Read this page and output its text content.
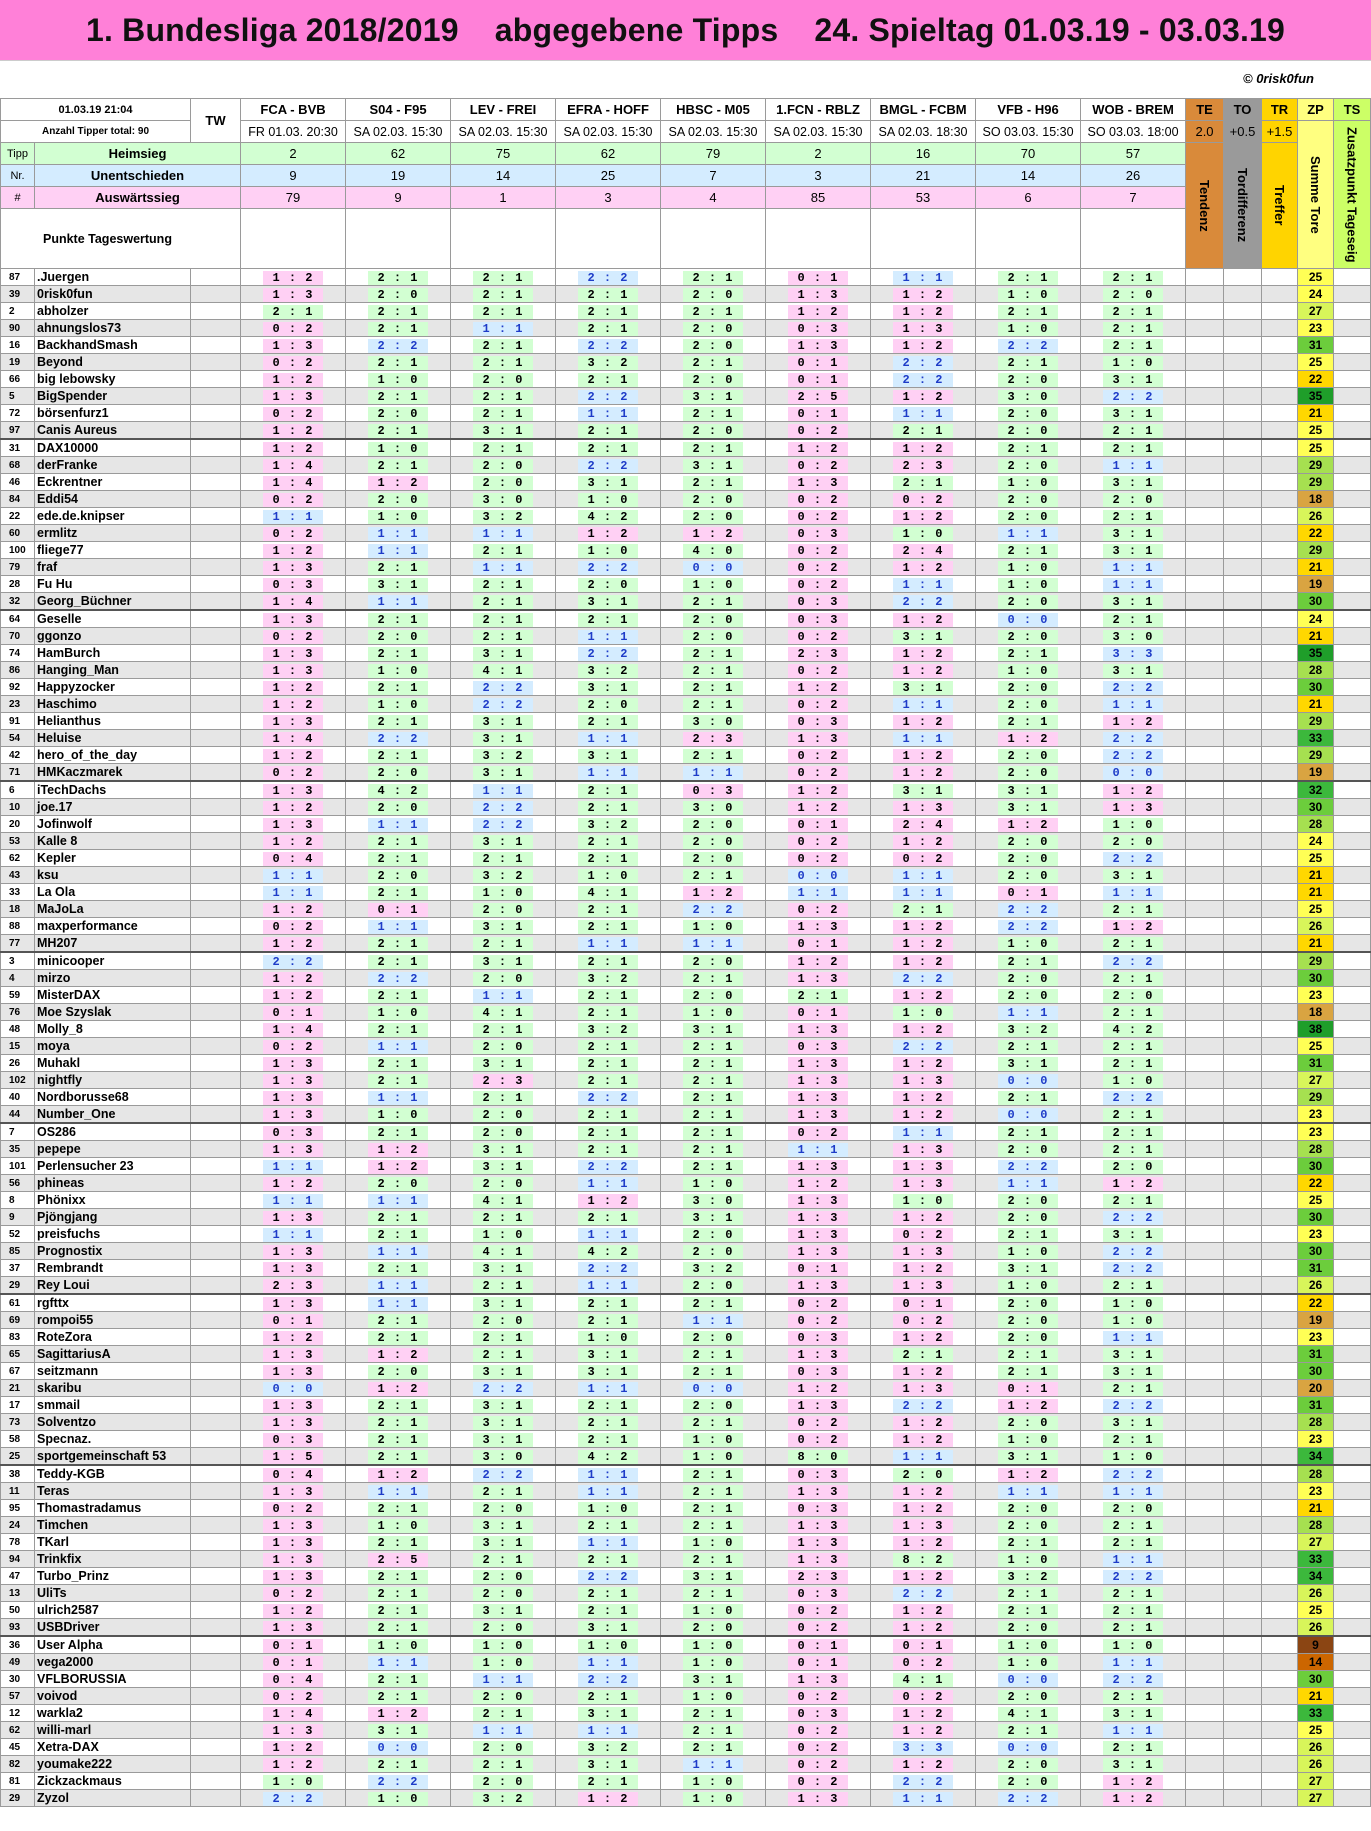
1. Bundesliga 2018/2019 abgegebene Tipps 24. Spieltag 01.03.19 - 03.03.19
© 0risk0fun
01.03.19 21:04		TW	FCA - BVB	S04 - F95	LEV - FREI	EFRA - HOFF	HBSC - M05	1.FCN - RBLZ	BMGL - FCBM	VFB - H96	WOB - BREM	TE	TO	TR	ZP	TS
Anzahl Tipper total: 90			FR 01.03. 20:30	SA 02.03. 15:30	SA 02.03. 15:30	SA 02.03. 15:30	SA 02.03. 15:30	SA 02.03. 15:30	SA 02.03. 18:30	SO 03.03. 15:30	SO 03.03. 18:00	2.0	+0.5	+1.5	Summe Tore	Zusatzpunkt Tageseig

Tipp	Heimsieg		2	62	75	62	79	2	16	70	57	Tendenz	Tordifferenz	Treffer		

Nr.	Unentschieden		9	19	14	25	7	3	21	14	26					
#	Auswärtssieg		79	9	1	3	4	85	53	6	7					
Punkte Tageswertung																
87	.Juergen		1 : 2	2 : 1	2 : 1	2 : 2	2 : 1	0 : 1	1 : 1	2 : 1	2 : 1				25	
39	0risk0fun		1 : 3	2 : 0	2 : 1	2 : 1	2 : 0	1 : 3	1 : 2	1 : 0	2 : 0				24	
2	abholzer		2 : 1	2 : 1	2 : 1	2 : 1	2 : 1	1 : 2	1 : 2	2 : 1	2 : 1				27	
90	ahnungslos73		0 : 2	2 : 1	1 : 1	2 : 1	2 : 0	0 : 3	1 : 3	1 : 0	2 : 1				23	
16	BackhandSmash		1 : 3	2 : 2	2 : 1	2 : 2	2 : 0	1 : 3	1 : 2	2 : 2	2 : 1				31	
19	Beyond		0 : 2	2 : 1	2 : 1	3 : 2	2 : 1	0 : 1	2 : 2	2 : 1	1 : 0				25	
66	big lebowsky		1 : 2	1 : 0	2 : 0	2 : 1	2 : 0	0 : 1	2 : 2	2 : 0	3 : 1				22	
5	BigSpender		1 : 3	2 : 1	2 : 1	2 : 2	3 : 1	2 : 5	1 : 2	3 : 0	2 : 2				35	
72	börsenfurz1		0 : 2	2 : 0	2 : 1	1 : 1	2 : 1	0 : 1	1 : 1	2 : 0	3 : 1				21	
97	Canis Aureus		1 : 2	2 : 1	3 : 1	2 : 1	2 : 0	0 : 2	2 : 1	2 : 0	2 : 1				25	
31	DAX10000		1 : 2	1 : 0	2 : 1	2 : 1	2 : 1	1 : 2	1 : 2	2 : 1	2 : 1				25	
68	derFranke		1 : 4	2 : 1	2 : 0	2 : 2	3 : 1	0 : 2	2 : 3	2 : 0	1 : 1				29	
46	Eckrentner		1 : 4	1 : 2	2 : 0	3 : 1	2 : 1	1 : 3	2 : 1	1 : 0	3 : 1				29	
84	Eddi54		0 : 2	2 : 0	3 : 0	1 : 0	2 : 0	0 : 2	0 : 2	2 : 0	2 : 0				18	
22	ede.de.knipser		1 : 1	1 : 0	3 : 2	4 : 2	2 : 0	0 : 2	1 : 2	2 : 0	2 : 1				26	
60	ermlitz		0 : 2	1 : 1	1 : 1	1 : 2	1 : 2	0 : 3	1 : 0	1 : 1	3 : 1				22	
100	fliege77		1 : 2	1 : 1	2 : 1	1 : 0	4 : 0	0 : 2	2 : 4	2 : 1	3 : 1				29	
79	fraf		1 : 3	2 : 1	1 : 1	2 : 2	0 : 0	0 : 2	1 : 2	1 : 0	1 : 1				21	
28	Fu Hu		0 : 3	3 : 1	2 : 1	2 : 0	1 : 0	0 : 2	1 : 1	1 : 0	1 : 1				19	
32	Georg_Büchner		1 : 4	1 : 1	2 : 1	3 : 1	2 : 1	0 : 3	2 : 2	2 : 0	3 : 1				30	
64	Geselle		1 : 3	2 : 1	2 : 1	2 : 1	2 : 0	0 : 3	1 : 2	0 : 0	2 : 1				24	
70	ggonzo		0 : 2	2 : 0	2 : 1	1 : 1	2 : 0	0 : 2	3 : 1	2 : 0	3 : 0				21	
74	HamBurch		1 : 3	2 : 1	3 : 1	2 : 2	2 : 1	2 : 3	1 : 2	2 : 1	3 : 3				35	
86	Hanging_Man		1 : 3	1 : 0	4 : 1	3 : 2	2 : 1	0 : 2	1 : 2	1 : 0	3 : 1				28	
92	Happyzocker		1 : 2	2 : 1	2 : 2	3 : 1	2 : 1	1 : 2	3 : 1	2 : 0	2 : 2				30	
23	Haschimo		1 : 2	1 : 0	2 : 2	2 : 0	2 : 1	0 : 2	1 : 1	2 : 0	1 : 1				21	
91	Helianthus		1 : 3	2 : 1	3 : 1	2 : 1	3 : 0	0 : 3	1 : 2	2 : 1	1 : 2				29	
54	Heluise		1 : 4	2 : 2	3 : 1	1 : 1	2 : 3	1 : 3	1 : 1	1 : 2	2 : 2				33	
42	hero_of_the_day		1 : 2	2 : 1	3 : 2	3 : 1	2 : 1	0 : 2	1 : 2	2 : 0	2 : 2				29	
71	HMKaczmarek		0 : 2	2 : 0	3 : 1	1 : 1	1 : 1	0 : 2	1 : 2	2 : 0	0 : 0				19	
6	iTechDachs		1 : 3	4 : 2	1 : 1	2 : 1	0 : 3	1 : 2	3 : 1	3 : 1	1 : 2				32	
10	joe.17		1 : 2	2 : 0	2 : 2	2 : 1	3 : 0	1 : 2	1 : 3	3 : 1	1 : 3				30	
20	Jofinwolf		1 : 3	1 : 1	2 : 2	3 : 2	2 : 0	0 : 1	2 : 4	1 : 2	1 : 0				28	
53	Kalle 8		1 : 2	2 : 1	3 : 1	2 : 1	2 : 0	0 : 2	1 : 2	2 : 0	2 : 0				24	
62	Kepler		0 : 4	2 : 1	2 : 1	2 : 1	2 : 0	0 : 2	0 : 2	2 : 0	2 : 2				25	
43	ksu		1 : 1	2 : 0	3 : 2	1 : 0	2 : 1	0 : 0	1 : 1	2 : 0	3 : 1				21	
33	La Ola		1 : 1	2 : 1	1 : 0	4 : 1	1 : 2	1 : 1	1 : 1	0 : 1	1 : 1				21	
18	MaJoLa		1 : 2	0 : 1	2 : 0	2 : 1	2 : 2	0 : 2	2 : 1	2 : 2	2 : 1				25	
88	maxperformance		0 : 2	1 : 1	3 : 1	2 : 1	1 : 0	1 : 3	1 : 2	2 : 2	1 : 2				26	
77	MH207		1 : 2	2 : 1	2 : 1	1 : 1	1 : 1	0 : 1	1 : 2	1 : 0	2 : 1				21	
3	minicooper		2 : 2	2 : 1	3 : 1	2 : 1	2 : 0	1 : 2	1 : 2	2 : 1	2 : 2				29	
4	mirzo		1 : 2	2 : 2	2 : 0	3 : 2	2 : 1	1 : 3	2 : 2	2 : 0	2 : 1				30	
59	MisterDAX		1 : 2	2 : 1	1 : 1	2 : 1	2 : 0	2 : 1	1 : 2	2 : 0	2 : 0				23	
76	Moe Szyslak		0 : 1	1 : 0	4 : 1	2 : 1	1 : 0	0 : 1	1 : 0	1 : 1	2 : 1				18	
48	Molly_8		1 : 4	2 : 1	2 : 1	3 : 2	3 : 1	1 : 3	1 : 2	3 : 2	4 : 2				38	
15	moya		0 : 2	1 : 1	2 : 0	2 : 1	2 : 1	0 : 3	2 : 2	2 : 1	2 : 1				25	
26	Muhakl		1 : 3	2 : 1	3 : 1	2 : 1	2 : 1	1 : 3	1 : 2	3 : 1	2 : 1				31	
102	nightfly		1 : 3	2 : 1	2 : 3	2 : 1	2 : 1	1 : 3	1 : 3	0 : 0	1 : 0				27	
40	Nordborusse68		1 : 3	1 : 1	2 : 1	2 : 2	2 : 1	1 : 3	1 : 2	2 : 1	2 : 2				29	
44	Number_One		1 : 3	1 : 0	2 : 0	2 : 1	2 : 1	1 : 3	1 : 2	0 : 0	2 : 1				23	
7	OS286		0 : 3	2 : 1	2 : 0	2 : 1	2 : 1	0 : 2	1 : 1	2 : 1	2 : 1				23	
35	pepepe		1 : 3	1 : 2	3 : 1	2 : 1	2 : 1	1 : 1	1 : 3	2 : 0	2 : 1				28	
101	Perlensucher 23		1 : 1	1 : 2	3 : 1	2 : 2	2 : 1	1 : 3	1 : 3	2 : 2	2 : 0				30	
56	phineas		1 : 2	2 : 0	2 : 0	1 : 1	1 : 0	1 : 2	1 : 3	1 : 1	1 : 2				22	
8	Phönixx		1 : 1	1 : 1	4 : 1	1 : 2	3 : 0	1 : 3	1 : 0	2 : 0	2 : 1				25	
9	Pjöngjang		1 : 3	2 : 1	2 : 1	2 : 1	3 : 1	1 : 3	1 : 2	2 : 0	2 : 2				30	
52	preisfuchs		1 : 1	2 : 1	1 : 0	1 : 1	2 : 0	1 : 3	0 : 2	2 : 1	3 : 1				23	
85	Prognostix		1 : 3	1 : 1	4 : 1	4 : 2	2 : 0	1 : 3	1 : 3	1 : 0	2 : 2				30	
37	Rembrandt		1 : 3	2 : 1	3 : 1	2 : 2	3 : 2	0 : 1	1 : 2	3 : 1	2 : 2				31	
29	Rey Loui		2 : 3	1 : 1	2 : 1	1 : 1	2 : 0	1 : 3	1 : 3	1 : 0	2 : 1				26	
61	rgfttx		1 : 3	1 : 1	3 : 1	2 : 1	2 : 1	0 : 2	0 : 1	2 : 0	1 : 0				22	
69	rompoi55		0 : 1	2 : 1	2 : 0	2 : 1	1 : 1	0 : 2	0 : 2	2 : 0	1 : 0				19	
83	RoteZora		1 : 2	2 : 1	2 : 1	1 : 0	2 : 0	0 : 3	1 : 2	2 : 0	1 : 1				23	
65	SagittariusA		1 : 3	1 : 2	2 : 1	3 : 1	2 : 1	1 : 3	2 : 1	2 : 1	3 : 1				31	
67	seitzmann		1 : 3	2 : 0	3 : 1	3 : 1	2 : 1	0 : 3	1 : 2	2 : 1	3 : 1				30	
21	skaribu		0 : 0	1 : 2	2 : 2	1 : 1	0 : 0	1 : 2	1 : 3	0 : 1	2 : 1				20	
17	smmail		1 : 3	2 : 1	3 : 1	2 : 1	2 : 0	1 : 3	2 : 2	1 : 2	2 : 2				31	
73	Solventzo		1 : 3	2 : 1	3 : 1	2 : 1	2 : 1	0 : 2	1 : 2	2 : 0	3 : 1				28	
58	Specnaz.		0 : 3	2 : 1	3 : 1	2 : 1	1 : 0	0 : 2	1 : 2	1 : 0	2 : 1				23	
25	sportgemeinschaft 53		1 : 5	2 : 1	3 : 0	4 : 2	1 : 0	8 : 0	1 : 1	3 : 1	1 : 0				34	
38	Teddy-KGB		0 : 4	1 : 2	2 : 2	1 : 1	2 : 1	0 : 3	2 : 0	1 : 2	2 : 2				28	
11	Teras		1 : 3	1 : 1	2 : 1	1 : 1	2 : 1	1 : 3	1 : 2	1 : 1	1 : 1				23	
95	Thomastradamus		0 : 2	2 : 1	2 : 0	1 : 0	2 : 1	0 : 3	1 : 2	2 : 0	2 : 0				21	
24	Timchen		1 : 3	1 : 0	3 : 1	2 : 1	2 : 1	1 : 3	1 : 3	2 : 0	2 : 1				28	
78	TKarl		1 : 3	2 : 1	3 : 1	1 : 1	1 : 0	1 : 3	1 : 2	2 : 1	2 : 1				27	
94	Trinkfix		1 : 3	2 : 5	2 : 1	2 : 1	2 : 1	1 : 3	8 : 2	1 : 0	1 : 1				33	
47	Turbo_Prinz		1 : 3	2 : 1	2 : 0	2 : 2	3 : 1	2 : 3	1 : 2	3 : 2	2 : 2				34	
13	UliTs		0 : 2	2 : 1	2 : 0	2 : 1	2 : 1	0 : 3	2 : 2	2 : 1	2 : 1				26	
50	ulrich2587		1 : 2	2 : 1	3 : 1	2 : 1	1 : 0	0 : 2	1 : 2	2 : 1	2 : 1				25	
93	USBDriver		1 : 3	2 : 1	2 : 0	3 : 1	2 : 0	0 : 2	1 : 2	2 : 0	2 : 1				26	
36	User Alpha		0 : 1	1 : 0	1 : 0	1 : 0	1 : 0	0 : 1	0 : 1	1 : 0	1 : 0				9	
49	vega2000		0 : 1	1 : 1	1 : 0	1 : 1	1 : 0	0 : 1	0 : 2	1 : 0	1 : 1				14	
30	VFLBORUSSIA		0 : 4	2 : 1	1 : 1	2 : 2	3 : 1	1 : 3	4 : 1	0 : 0	2 : 2				30	
57	voivod		0 : 2	2 : 1	2 : 0	2 : 1	1 : 0	0 : 2	0 : 2	2 : 0	2 : 1				21	
12	warkla2		1 : 4	1 : 2	2 : 1	3 : 1	2 : 1	0 : 3	1 : 2	4 : 1	3 : 1				33	
62	willi-marl		1 : 3	3 : 1	1 : 1	1 : 1	2 : 1	0 : 2	1 : 2	2 : 1	1 : 1				25	
45	Xetra-DAX		1 : 2	0 : 0	2 : 0	3 : 2	2 : 1	0 : 2	3 : 3	0 : 0	2 : 1				26	
82	youmake222		1 : 2	2 : 1	2 : 1	3 : 1	1 : 1	0 : 2	1 : 2	2 : 0	3 : 1				26	
81	Zickzackmaus		1 : 0	2 : 2	2 : 0	2 : 1	1 : 0	0 : 2	2 : 2	2 : 0	1 : 2				27	
29	Zyzol		2 : 2	1 : 0	3 : 2	1 : 2	1 : 0	1 : 3	1 : 1	2 : 2	1 : 2				27	
